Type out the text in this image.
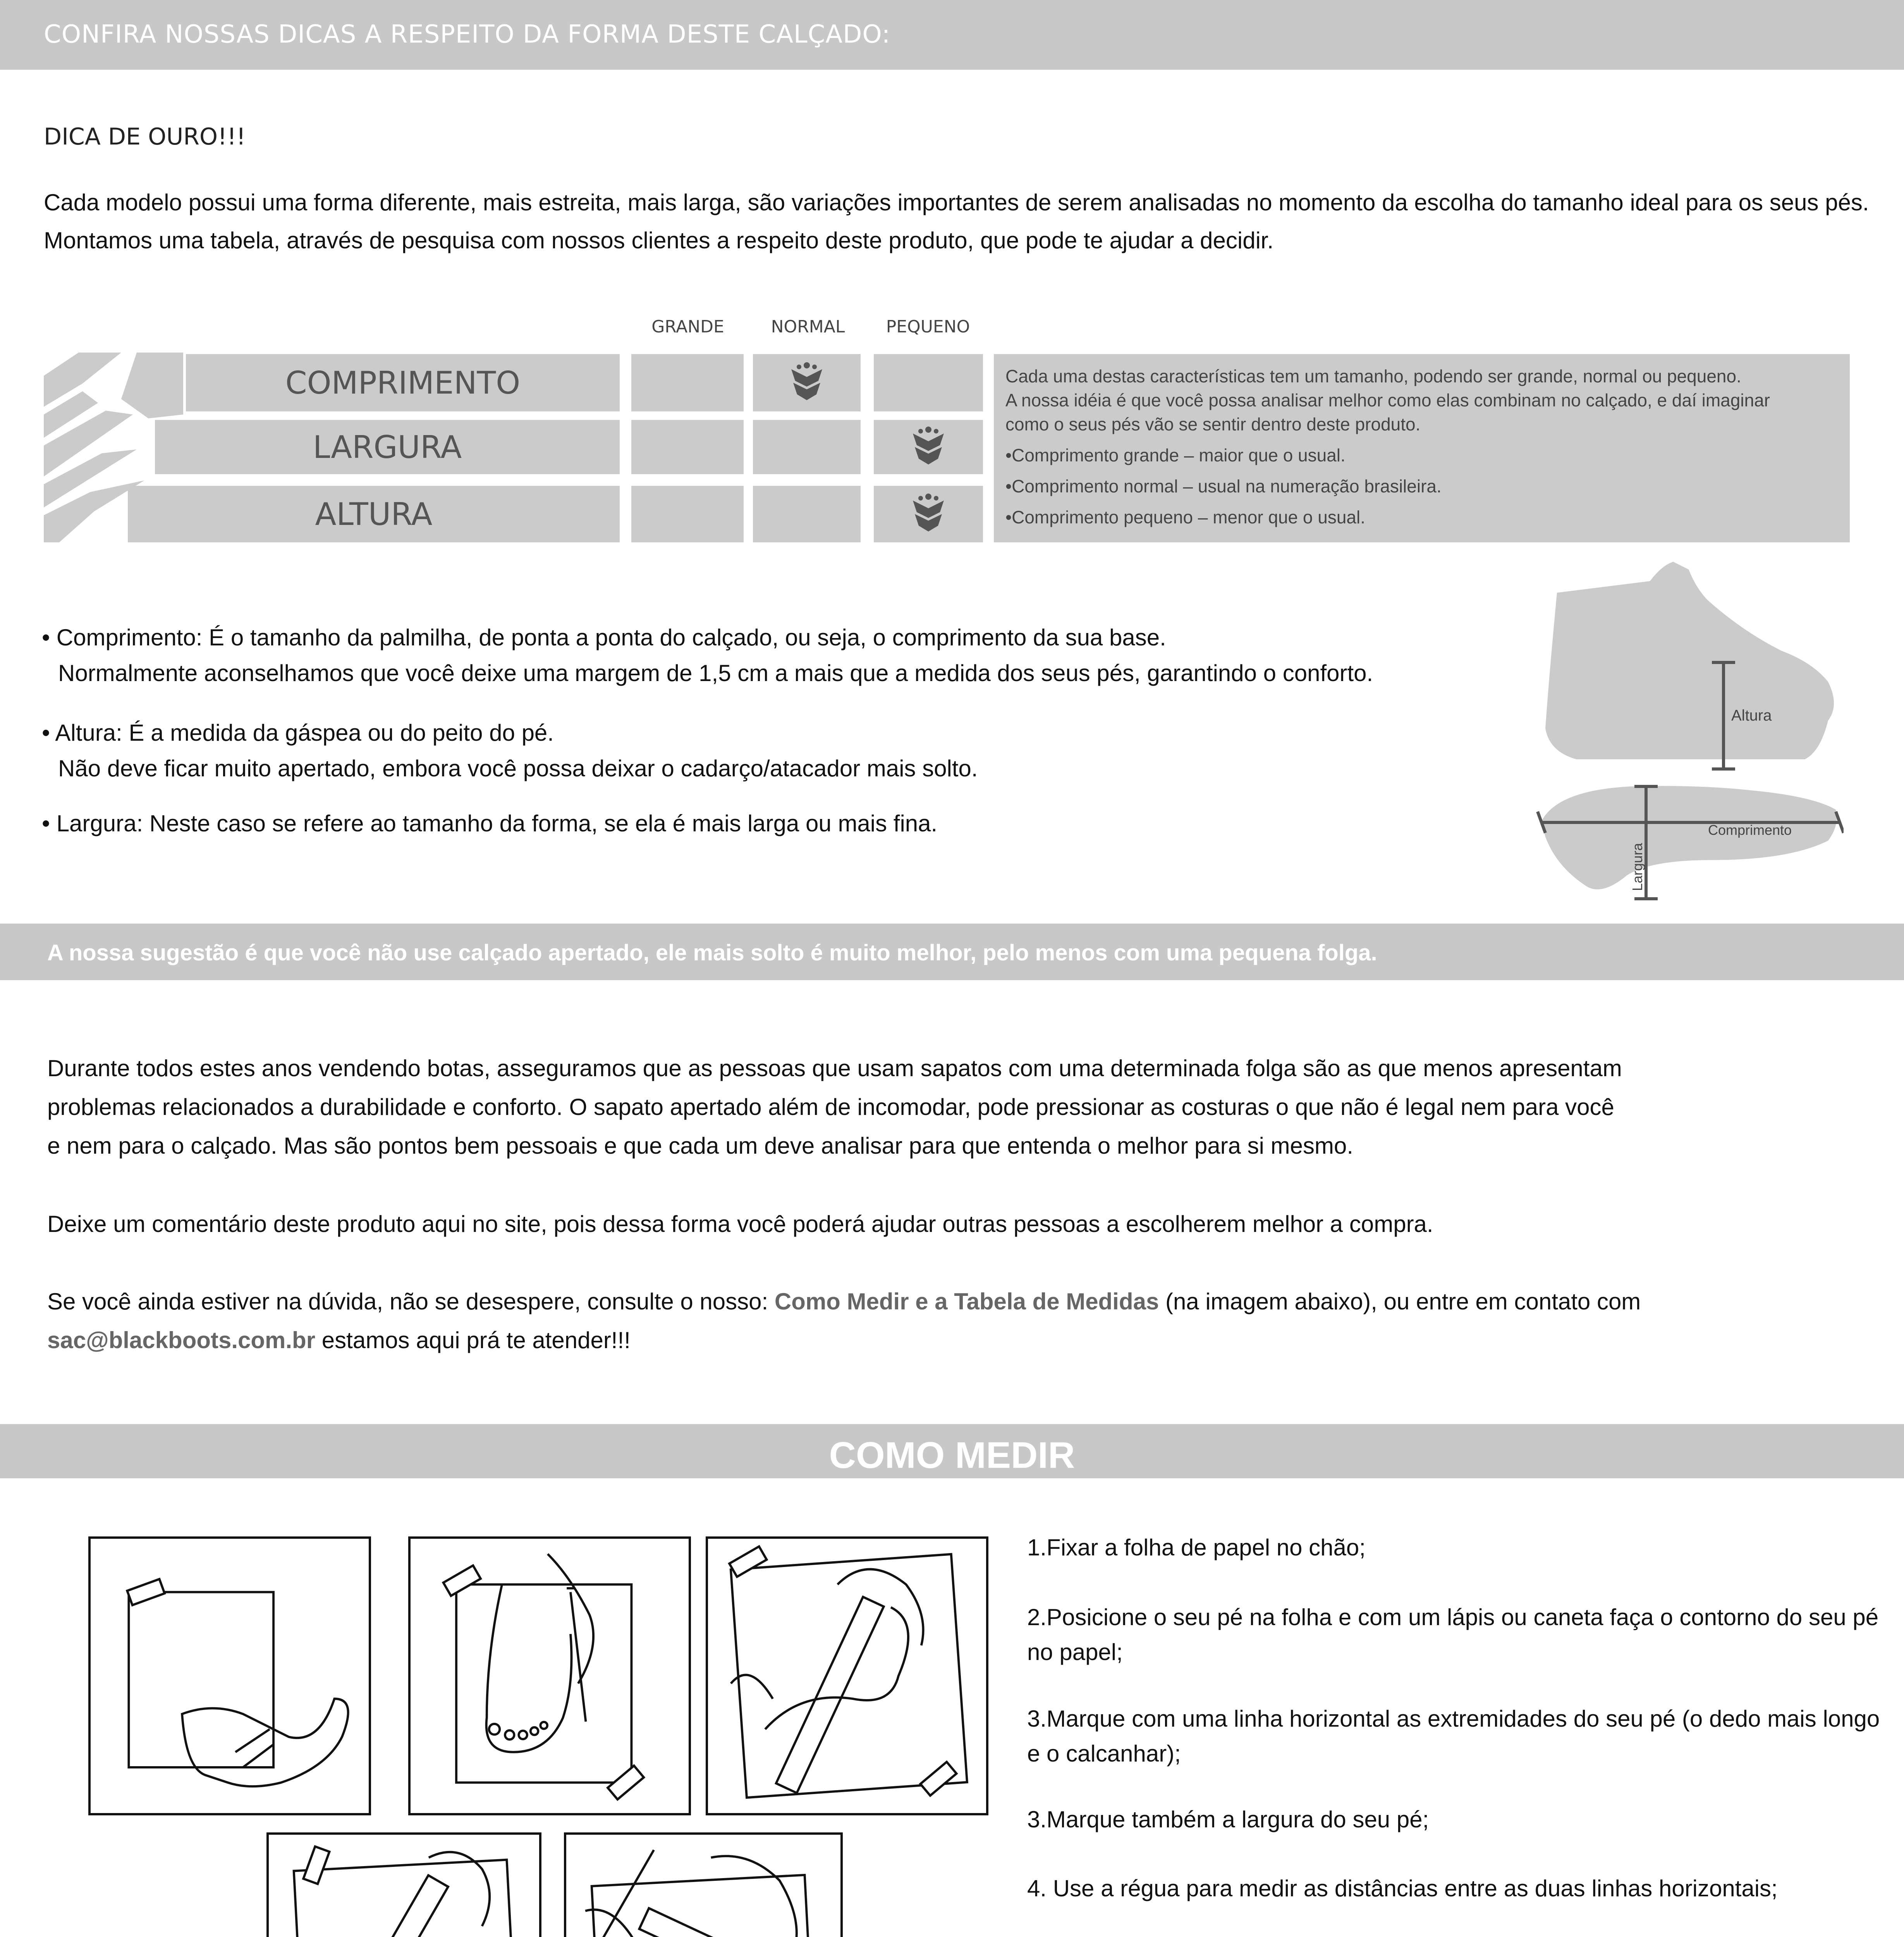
CONFIRA NOSSAS DICAS A RESPEITO DA FORMA DESTE CALÇADO:
DICA DE OURO!!!
Cada modelo possui uma forma diferente, mais estreita, mais larga, são variações importantes de serem analisadas no momento da escolha do tamanho ideal para os seus pés. Montamos uma tabela, através de pesquisa com nossos clientes a respeito deste produto, que pode te ajudar a decidir.
COMPRIMENTO
LARGURA
ALTURA
GRANDE	NORMAL	PEQUENO
Cada uma destas características tem um tamanho, podendo ser grande, normal ou pequeno.
A nossa idéia é que você possa analisar melhor como elas combinam no calçado, e daí imaginar
como o seus pés vão se sentir dentro deste produto.
•Comprimento grande – maior que o usual.
•Comprimento normal – usual na numeração brasileira.
•Comprimento pequeno – menor que o usual.
• Comprimento: É o tamanho da palmilha, de ponta a ponta do calçado, ou seja, o comprimento da sua base.
Normalmente aconselhamos que você deixe uma margem de 1,5 cm a mais que a medida dos seus pés, garantindo o conforto.
• Altura: É a medida da gáspea ou do peito do pé.
Não deve ficar muito apertado, embora você possa deixar o cadarço/atacador mais solto.
• Largura: Neste caso se refere ao tamanho da forma, se ela é mais larga ou mais fina.
Altura
Comprimento
Largura
A nossa sugestão é que você não use calçado apertado, ele mais solto é muito melhor, pelo menos com uma pequena folga.
Durante todos estes anos vendendo botas, asseguramos que as pessoas que usam sapatos com uma determinada folga são as que menos apresentam
problemas relacionados a durabilidade e conforto. O sapato apertado além de incomodar, pode pressionar as costuras o que não é legal nem para você
e nem para o calçado. Mas são pontos bem pessoais e que cada um deve analisar para que entenda o melhor para si mesmo.
Deixe um comentário deste produto aqui no site, pois dessa forma você poderá ajudar outras pessoas a escolherem melhor a compra.
Se você ainda estiver na dúvida, não se desespere, consulte o nosso: Como Medir e a Tabela de Medidas (na imagem abaixo), ou entre em contato com
sac@blackboots.com.br estamos aqui prá te atender!!!
COMO MEDIR
1.Fixar a folha de papel no chão;
2.Posicione o seu pé na folha e com um lápis ou caneta faça o contorno do seu pé no papel;
3.Marque com uma linha horizontal as extremidades do seu pé (o dedo mais longo e o calcanhar);
3.Marque também a largura do seu pé;
4. Use a régua para medir as distâncias entre as duas linhas horizontais;
